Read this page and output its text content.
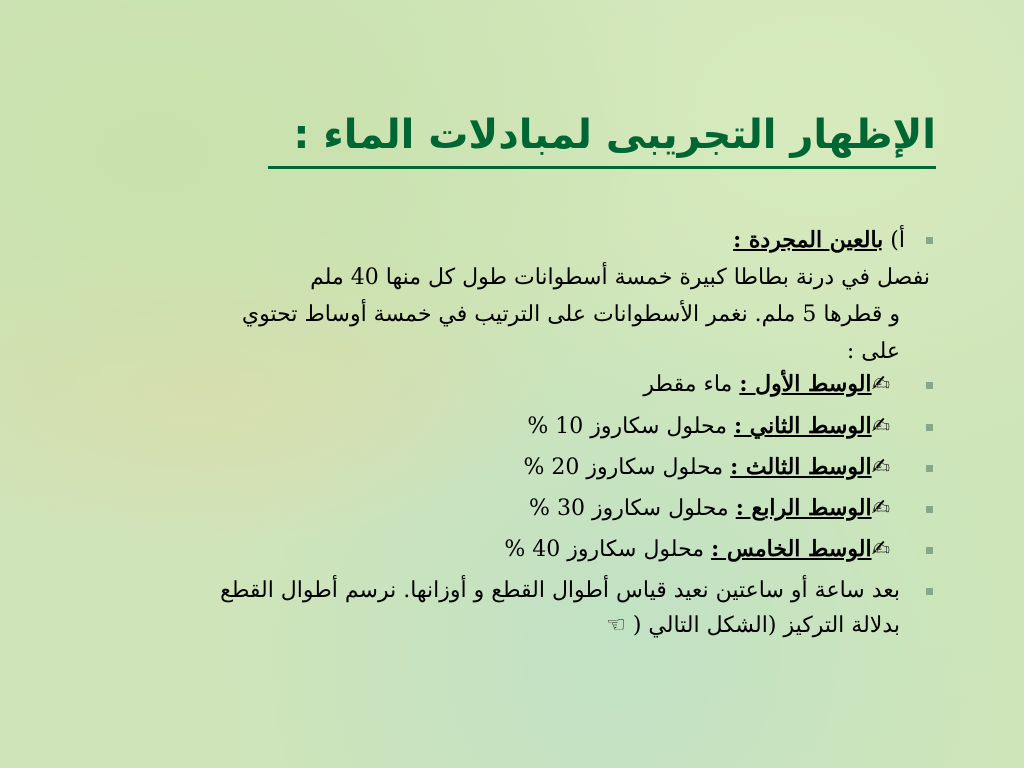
الإظهار التجريبى لمبادلات الماء :
أ) بالعين المجردة :
نفصل في درنة بطاطا كبيرة خمسة أسطوانات طول كل منها 40 ملم
و قطرها 5 ملم. نغمر الأسطوانات على الترتيب في خمسة أوساط تحتوي
على :
✍الوسط الأول : ماء مقطر
✍الوسط الثاني : محلول سكاروز 10 %
✍الوسط الثالث : محلول سكاروز 20 %
✍الوسط الرابع : محلول سكاروز 30 %
✍الوسط الخامس : محلول سكاروز 40 %
بعد ساعة أو ساعتين نعيد قياس أطوال القطع و أوزانها. نرسم أطوال القطع
بدلالة التركيز (الشكل التالي ( ☜
